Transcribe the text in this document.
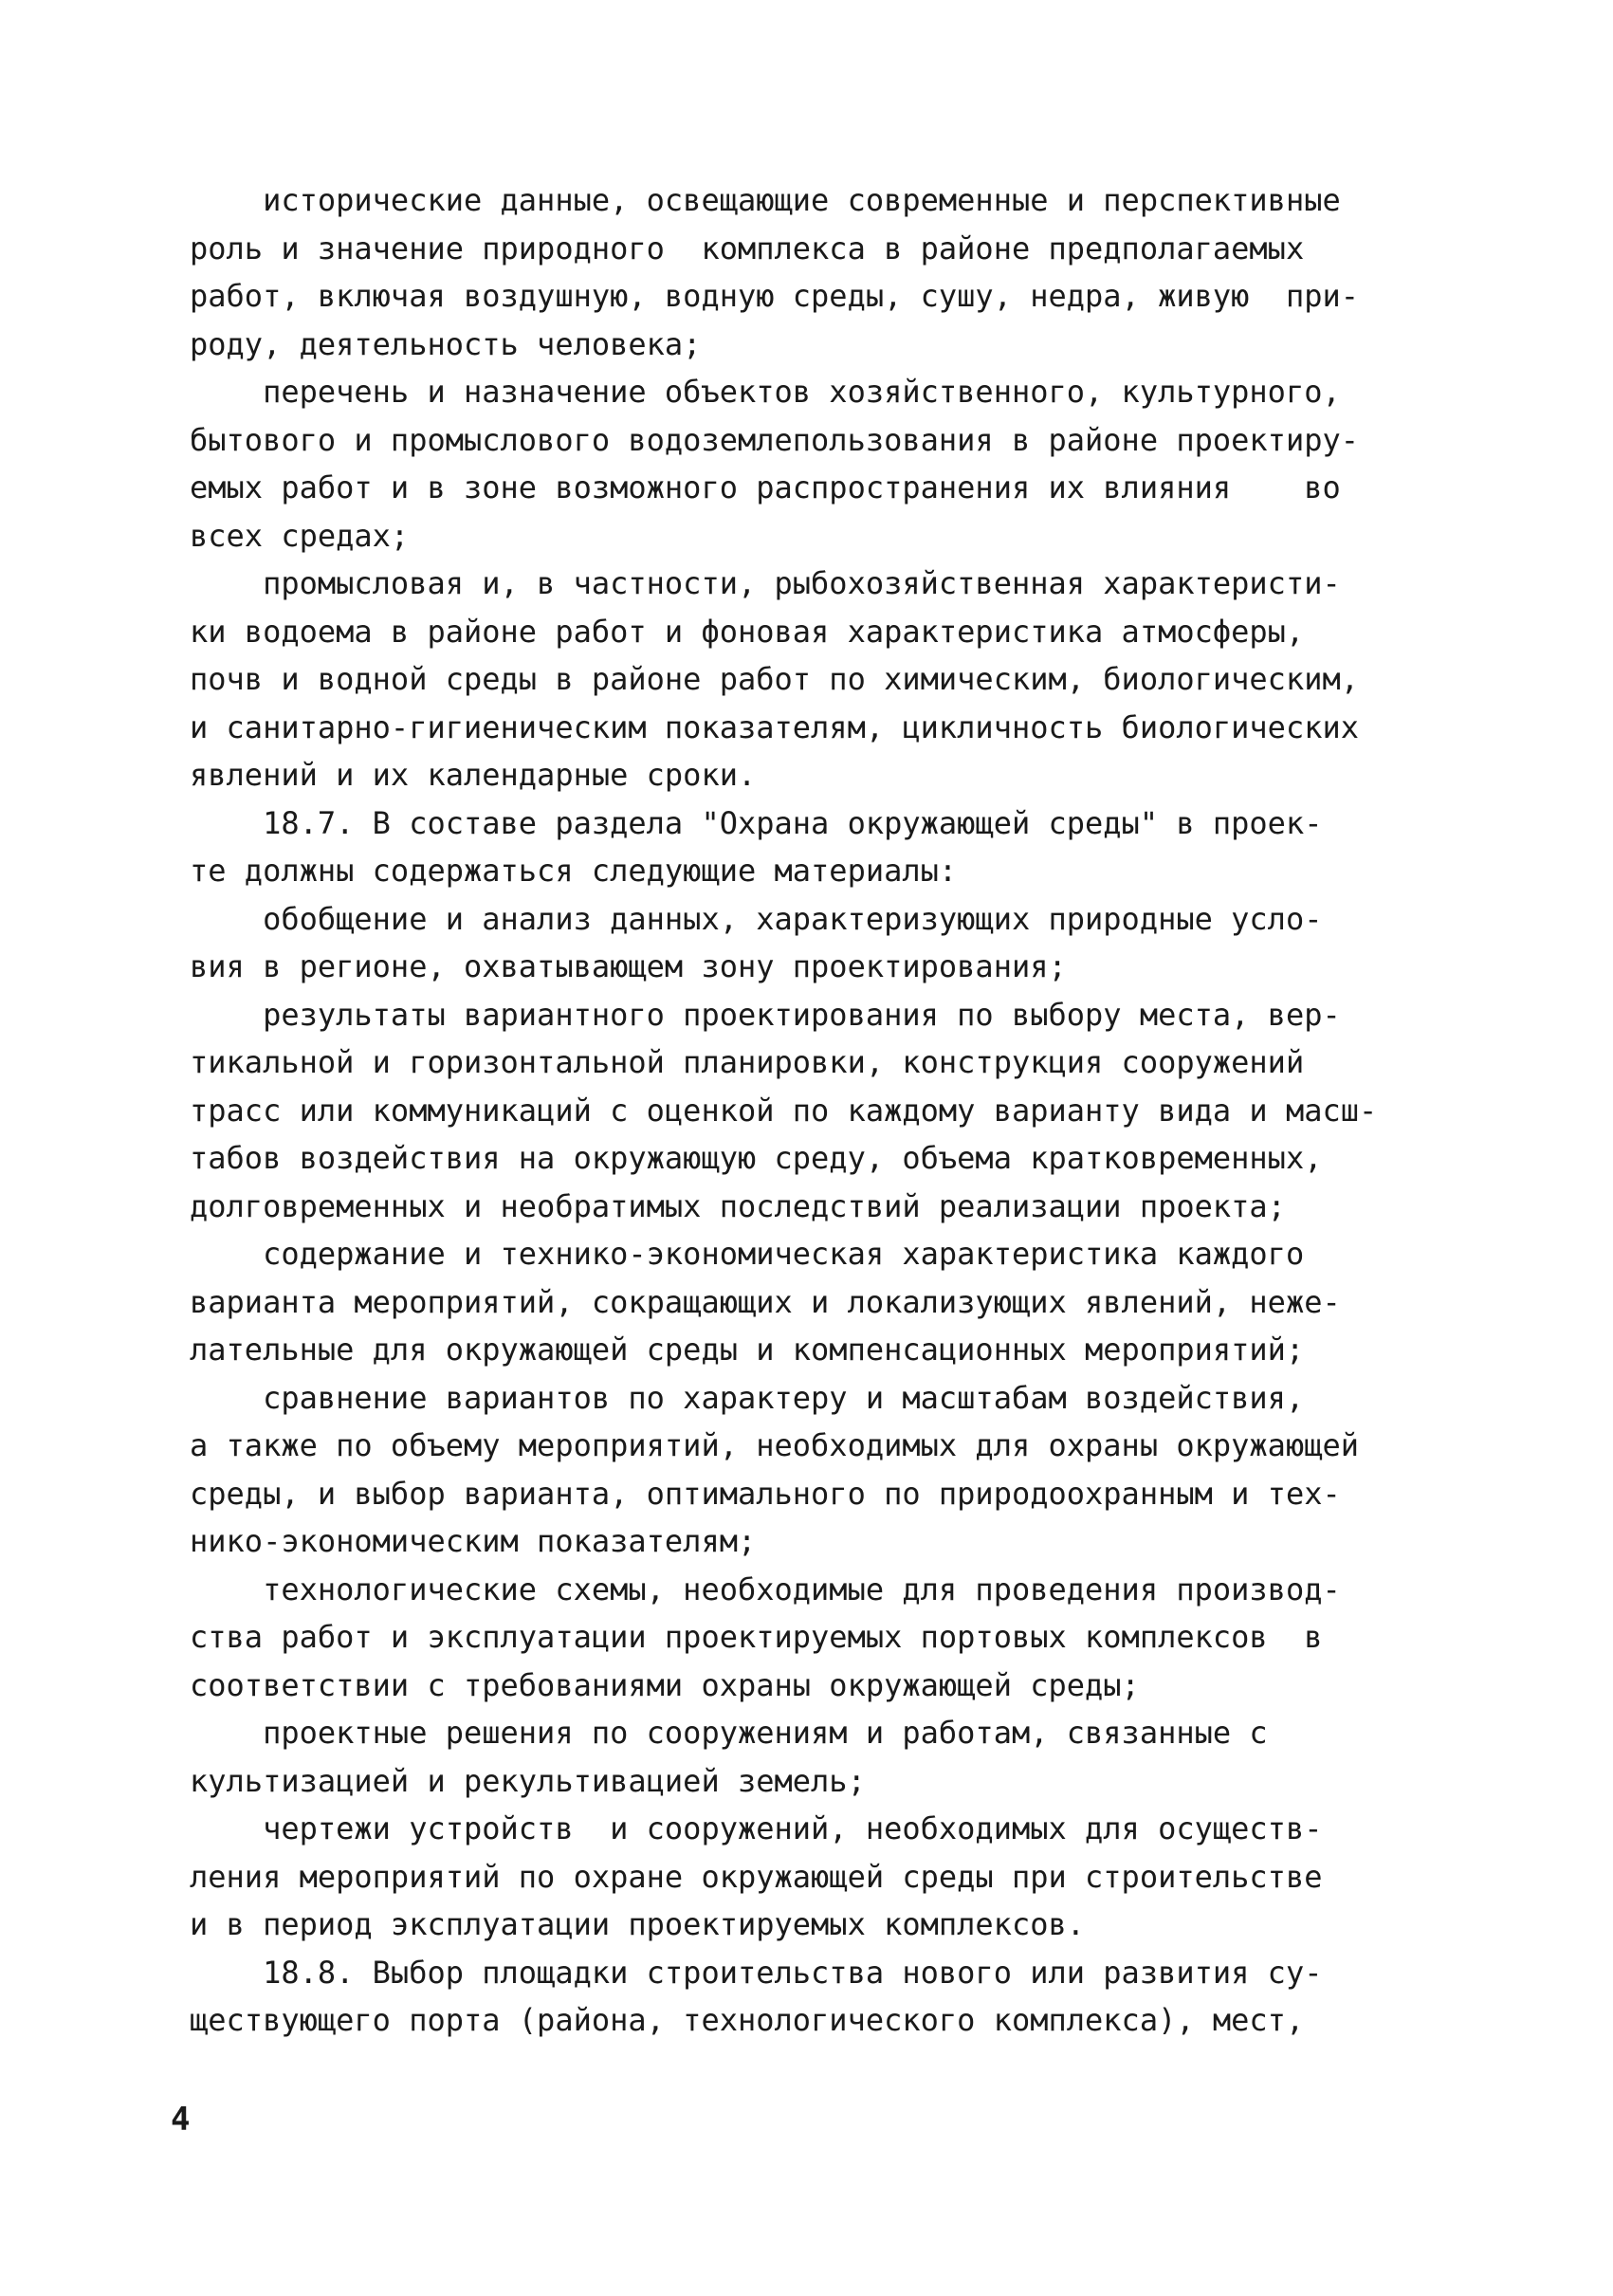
исторические данные, освещающие современные и перспективные
роль и значение природного  комплекса в районе предполагаемых
работ, включая воздушную, водную среды, сушу, недра, живую  при-
роду, деятельность человека;
перечень и назначение объектов хозяйственного, культурного,
бытового и промыслового водоземлепользования в районе проектиру-
емых работ и в зоне возможного распространения их влияния    во
всех средах;
промысловая и, в частности, рыбохозяйственная характеристи-
ки водоема в районе работ и фоновая характеристика атмосферы,
почв и водной среды в районе работ по химическим, биологическим,
и санитарно-гигиеническим показателям, цикличность биологических
явлений и их календарные сроки.
18.7. В составе раздела "Охрана окружающей среды" в проек-
те должны содержаться следующие материалы:
обобщение и анализ данных, характеризующих природные усло-
вия в регионе, охватывающем зону проектирования;
результаты вариантного проектирования по выбору места, вер-
тикальной и горизонтальной планировки, конструкция сооружений
трасс или коммуникаций с оценкой по каждому варианту вида и масш-
табов воздействия на окружающую среду, объема кратковременных,
долговременных и необратимых последствий реализации проекта;
содержание и технико-экономическая характеристика каждого
варианта мероприятий, сокращающих и локализующих явлений, неже-
лательные для окружающей среды и компенсационных мероприятий;
сравнение вариантов по характеру и масштабам воздействия,
а также по объему мероприятий, необходимых для охраны окружающей
среды, и выбор варианта, оптимального по природоохранным и тех-
нико-экономическим показателям;
технологические схемы, необходимые для проведения производ-
ства работ и эксплуатации проектируемых портовых комплексов  в
соответствии с требованиями охраны окружающей среды;
проектные решения по сооружениям и работам, связанные с
культизацией и рекультивацией земель;
чертежи устройств  и сооружений, необходимых для осуществ-
ления мероприятий по охране окружающей среды при строительстве
и в период эксплуатации проектируемых комплексов.
18.8. Выбор площадки строительства нового или развития су-
ществующего порта (района, технологического комплекса), мест,
4
